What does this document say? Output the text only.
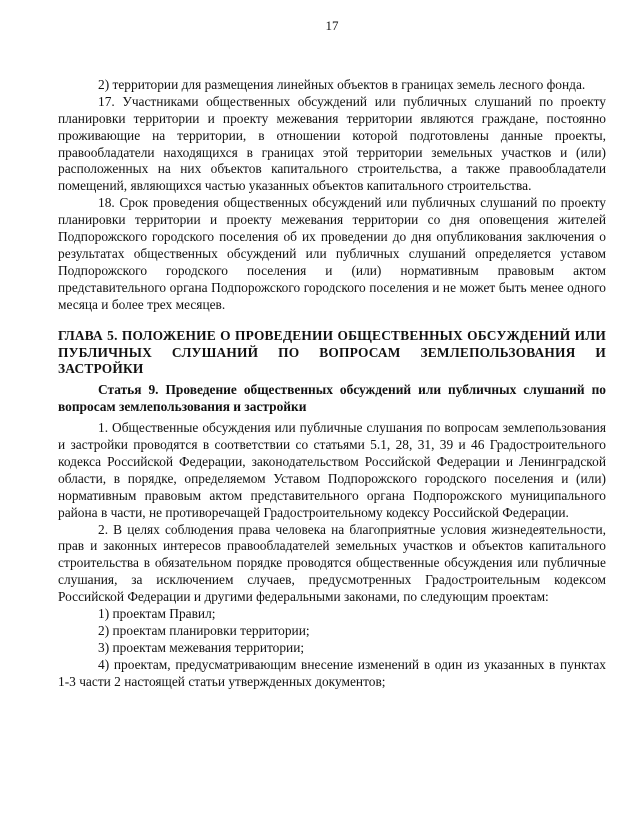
17

2) территории для размещения линейных объектов в границах земель лесного фонда.

17. Участниками общественных обсуждений или публичных слушаний по проекту планировки территории и проекту межевания территории являются граждане, постоянно проживающие на территории, в отношении которой подготовлены данные проекты, правообладатели находящихся в границах этой территории земельных участков и (или) расположенных на них объектов капитального строительства, а также правообладатели помещений, являющихся частью указанных объектов капитального строительства.

18. Срок проведения общественных обсуждений или публичных слушаний по проекту планировки территории и проекту межевания территории со дня оповещения жителей Подпорожского городского поселения об их проведении до дня опубликования заключения о результатах общественных обсуждений или публичных слушаний определяется уставом Подпорожского городского поселения и (или) нормативным правовым актом представительного органа Подпорожского городского поселения и не может быть менее одного месяца и более трех месяцев.

ГЛАВА 5. ПОЛОЖЕНИЕ О ПРОВЕДЕНИИ ОБЩЕСТВЕННЫХ ОБСУЖДЕНИЙ ИЛИ ПУБЛИЧНЫХ СЛУШАНИЙ ПО ВОПРОСАМ ЗЕМЛЕПОЛЬЗОВАНИЯ И ЗАСТРОЙКИ

Статья 9. Проведение общественных обсуждений или публичных слушаний по вопросам землепользования и застройки

1. Общественные обсуждения или публичные слушания по вопросам землепользования и застройки проводятся в соответствии со статьями 5.1, 28, 31, 39 и 46 Градостроительного кодекса Российской Федерации, законодательством Российской Федерации и Ленинградской области, в порядке, определяемом Уставом Подпорожского городского поселения и (или) нормативным правовым актом представительного органа Подпорожского муниципального района в части, не противоречащей Градостроительному кодексу Российской Федерации.

2. В целях соблюдения права человека на благоприятные условия жизнедеятельности, прав и законных интересов правообладателей земельных участков и объектов капитального строительства в обязательном порядке проводятся общественные обсуждения или публичные слушания, за исключением случаев, предусмотренных Градостроительным кодексом Российской Федерации и другими федеральными законами, по следующим проектам:

1) проектам Правил;

2) проектам планировки территории;

3) проектам межевания территории;

4) проектам, предусматривающим внесение изменений в один из указанных в пунктах 1-3 части 2 настоящей статьи утвержденных документов;
